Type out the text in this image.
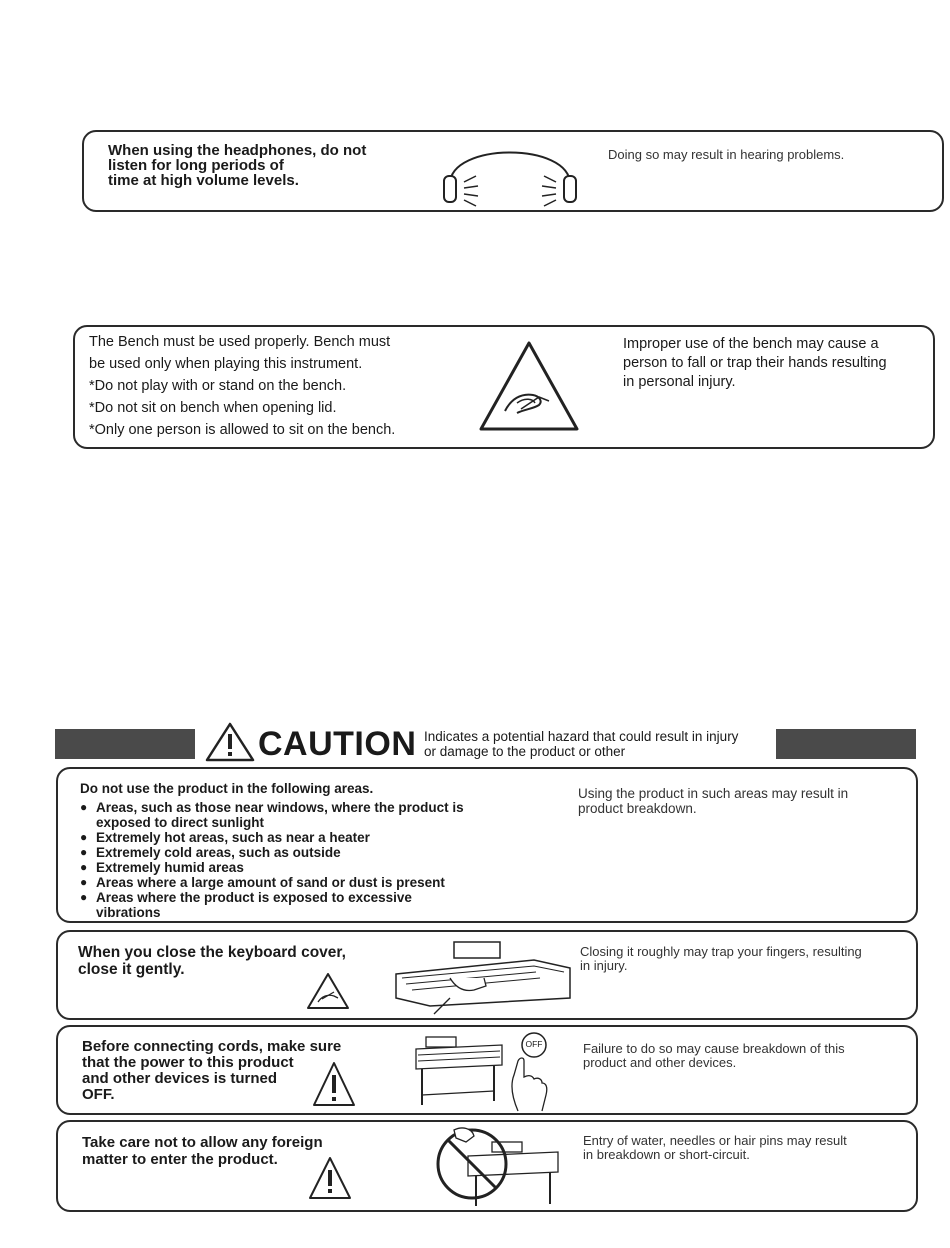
When using the headphones, do not
listen for long periods of
time at high volume levels.
Doing so may result in hearing problems.
The Bench must be used properly. Bench must
be used only when playing this instrument.
*Do not play with or stand on the bench.
*Do not sit on bench when opening lid.
*Only one person is allowed to sit on the bench.
Improper use of the bench may cause a
person to fall or trap their hands resulting
in personal injury.
CAUTION Indicates a potential hazard that could result in injury
or damage to the product or other
Do not use the product in the following areas.
● Areas, such as those near windows, where the product is
exposed to direct sunlight
● Extremely hot areas, such as near a heater
● Extremely cold areas, such as outside
● Extremely humid areas
● Areas where a large amount of sand or dust is present
● Areas where the product is exposed to excessive
vibrations
Using the product in such areas may result in
product breakdown.
When you close the keyboard cover,
close it gently.
Closing it roughly may trap your fingers, resulting
in injury.
Before connecting cords, make sure
that the power to this product
and other devices is turned
OFF.
OFF	Failure to do so may cause breakdown of this
product and other devices.
Take care not to allow any foreign
matter to enter the product.
Entry of water, needles or hair pins may result
in breakdown or short-circuit.
